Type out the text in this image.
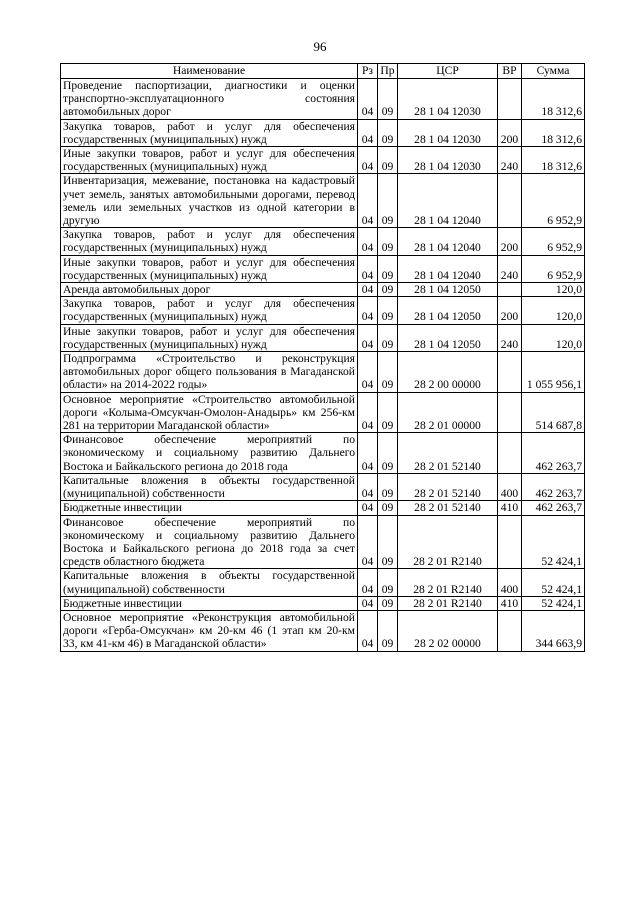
96
Наименование	Рз	Пр	ЦСР	ВР	Сумма
Проведение паспортизации, диагностики и оценки транспортно-эксплуатационного состояния автомобильных дорог	04	09	28 1 04 12030		18 312,6
Закупка товаров, работ и услуг для обеспечения государственных (муниципальных) нужд	04	09	28 1 04 12030	200	18 312,6
Иные закупки товаров, работ и услуг для обеспечения государственных (муниципальных) нужд	04	09	28 1 04 12030	240	18 312,6
Инвентаризация, межевание, постановка на кадастровый учет земель, занятых автомобильными дорогами, перевод земель или земельных участков из одной категории в другую	04	09	28 1 04 12040		6 952,9
Закупка товаров, работ и услуг для обеспечения государственных (муниципальных) нужд	04	09	28 1 04 12040	200	6 952,9
Иные закупки товаров, работ и услуг для обеспечения государственных (муниципальных) нужд	04	09	28 1 04 12040	240	6 952,9
Аренда автомобильных дорог	04	09	28 1 04 12050		120,0
Закупка товаров, работ и услуг для обеспечения государственных (муниципальных) нужд	04	09	28 1 04 12050	200	120,0
Иные закупки товаров, работ и услуг для обеспечения государственных (муниципальных) нужд	04	09	28 1 04 12050	240	120,0
Подпрограмма «Строительство и реконструкция автомобильных дорог общего пользования в Магаданской области» на 2014-2022 годы»	04	09	28 2 00 00000		1 055 956,1
Основное мероприятие «Строительство автомобильной дороги «Колыма-Омсукчан-Омолон-Анадырь» км 256-км 281 на территории Магаданской области»	04	09	28 2 01 00000		514 687,8
Финансовое обеспечение мероприятий по экономическому и социальному развитию Дальнего Востока и Байкальского региона до 2018 года	04	09	28 2 01 52140		462 263,7
Капитальные вложения в объекты государственной (муниципальной) собственности	04	09	28 2 01 52140	400	462 263,7
Бюджетные инвестиции	04	09	28 2 01 52140	410	462 263,7
Финансовое обеспечение мероприятий по экономическому и социальному развитию Дальнего Востока и Байкальского региона до 2018 года за счет средств областного бюджета	04	09	28 2 01 R2140		52 424,1
Капитальные вложения в объекты государственной (муниципальной) собственности	04	09	28 2 01 R2140	400	52 424,1
Бюджетные инвестиции	04	09	28 2 01 R2140	410	52 424,1
Основное мероприятие «Реконструкция автомобильной дороги «Герба-Омсукчан» км 20-км 46 (1 этап км 20-км 33, км 41-км 46) в Магаданской области»	04	09	28 2 02 00000		344 663,9
